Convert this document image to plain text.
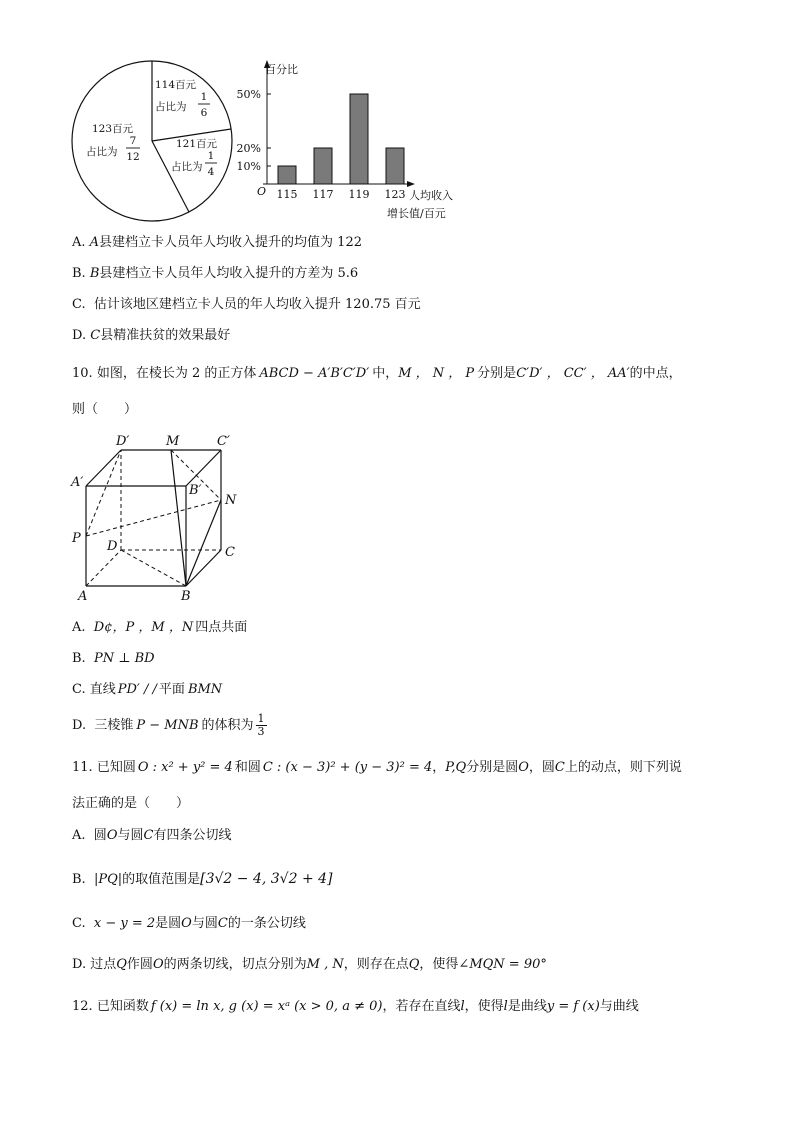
114百元
占比为
1
6
121百元
占比为
1
4
123百元
占比为
7
12
百分比
O	人均收入
增长值/百元
115 117 119 123
10%
20%
50%
A. A县建档立卡人员年人均收入提升的均值为 122
B. B县建档立卡人员年人均收入提升的方差为 5.6
C.  估计该地区建档立卡人员的年人均收入提升 120.75 百元
D. C县精准扶贫的效果最好
10. 如图，在棱长为 2 的正方体 ABCD − A′B′C′D′ 中，M ， N ， P 分别是C′D′ ， CC′ ， AA′的中点，
则（　　）
D′	M	C′
A′
B′
N
P
D	C
A	B
A.  D¢，P ，M ，N 四点共面
B.  PN ⊥ BD
C. 直线 PD′ / / 平面 BMN
D.  三棱锥 P − MNB 的体积为 $\frac{1}{3}$
11. 已知圆 O : x² + y² = 4 和圆 C : (x − 3)² + (y − 3)² = 4，P,Q分别是圆O，圆C上的动点，则下列说
法正确的是（　　）
A.  圆O与圆C有四条公切线
B.  |PQ|的取值范围是[3√2 − 4, 3√2 + 4]
C.  x − y = 2是圆O与圆C的一条公切线
D. 过点Q作圆O的两条切线，切点分别为M , N，则存在点Q，使得∠MQN = 90°
12. 已知函数 f (x) = ln x, g (x) = xᵃ (x > 0, a ≠ 0)，若存在直线l，使得l是曲线y = f (x)与曲线
